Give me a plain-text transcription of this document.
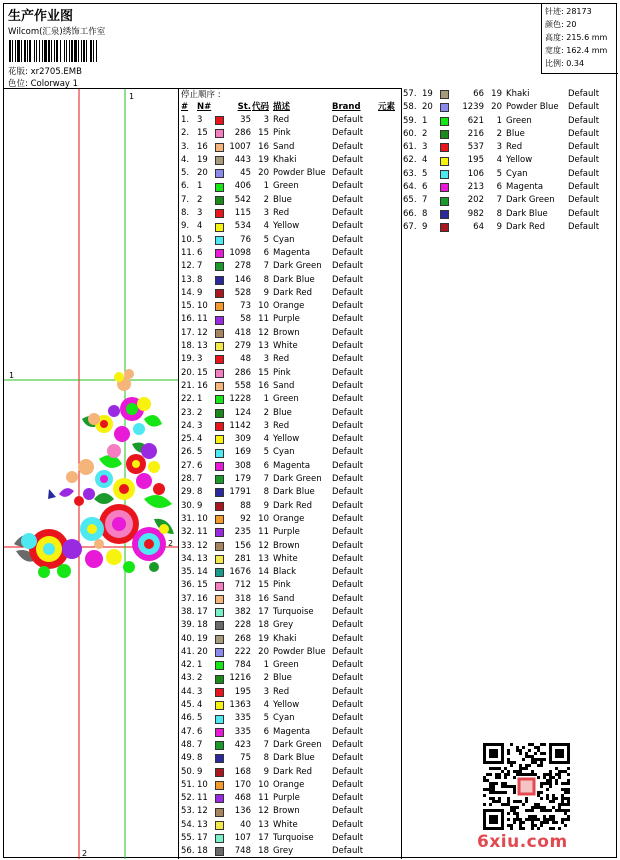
生产作业图
Wilcom(汇泉)绣饰工作室
花版: xr2705.EMB
色位: Colorway 1
针迹: 28173
颜色: 20
高度: 215.6 mm
宽度: 162.4 mm
比例: 0.34
1
1
2
2
停止顺序 :
#	N#	St. 代码 描述	Brand	元素
1. 3	35	3 Red	Default
2. 15	286 15 Pink	Default
3. 16	1007 16 Sand	Default
4. 19	443 19 Khaki	Default
5. 20	45 20 Powder Blue Default
6. 1	406	1 Green	Default
7. 2	542	2 Blue	Default
8. 3	115	3 Red	Default
9. 4	534	4 Yellow	Default
10. 5	76	5 Cyan	Default
11. 6	1098	6 Magenta	Default
12. 7	278	7 Dark Green	Default
13. 8	146	8 Dark Blue	Default
14. 9	528	9 Dark Red	Default
15. 10	73 10 Orange	Default
16. 11	58 11 Purple	Default
17. 12	418 12 Brown	Default
18. 13	279 13 White	Default
19. 3	48	3 Red	Default
20. 15	286 15 Pink	Default
21. 16	558 16 Sand	Default
22. 1	1228	1 Green	Default
23. 2	124	2 Blue	Default
24. 3	1142	3 Red	Default
25. 4	309	4 Yellow	Default
26. 5	169	5 Cyan	Default
27. 6	308	6 Magenta	Default
28. 7	179	7 Dark Green	Default
29. 8	1791	8 Dark Blue	Default
30. 9	88	9 Dark Red	Default
31. 10	92 10 Orange	Default
32. 11	235 11 Purple	Default
33. 12	156 12 Brown	Default
34. 13	281 13 White	Default
35. 14	1676 14 Black	Default
36. 15	712 15 Pink	Default
37. 16	318 16 Sand	Default
38. 17	382 17 Turquoise	Default
39. 18	228 18 Grey	Default
40. 19	268 19 Khaki	Default
41. 20	222 20 Powder Blue Default
42. 1	784	1 Green	Default
43. 2	1216	2 Blue	Default
44. 3	195	3 Red	Default
45. 4	1363	4 Yellow	Default
46. 5	335	5 Cyan	Default
47. 6	335	6 Magenta	Default
48. 7	423	7 Dark Green	Default
49. 8	75	8 Dark Blue	Default
50. 9	168	9 Dark Red	Default
51. 10	170 10 Orange	Default
52. 11	468 11 Purple	Default
53. 12	136 12 Brown	Default
54. 13	40 13 White	Default
55. 17	107 17 Turquoise	Default
56. 18	748 18 Grey	Default
57. 19	66 19 Khaki	Default
58. 20	1239 20 Powder Blue	Default
59. 1	621	1 Green	Default
60. 2	216	2 Blue	Default
61. 3	537	3 Red	Default
62. 4	195	4 Yellow	Default
63. 5	106	5 Cyan	Default
64. 6	213	6 Magenta	Default
65. 7	202	7 Dark Green	Default
66. 8	982	8 Dark Blue	Default
67. 9	64	9 Dark Red	Default
6xiu.com
